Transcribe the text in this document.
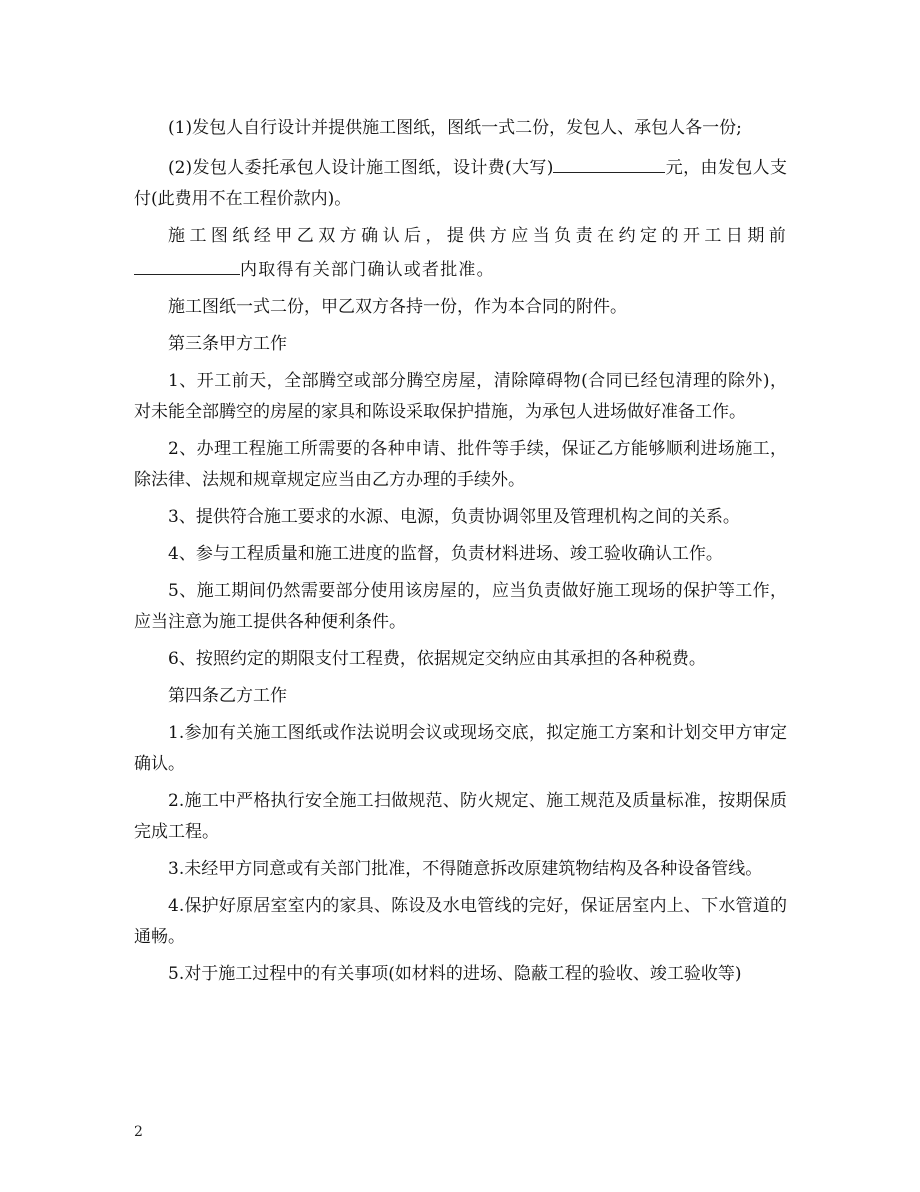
(1)发包人自行设计并提供施工图纸，图纸一式二份，发包人、承包人各一份;

(2)发包人委托承包人设计施工图纸，设计费(大写)	元，由发包人支付(此费用不在工程价款内)。

施工图纸经甲乙双方确认后，提供方应当负责在约定的开工日期前内取得有关部门确认或者批准。

施工图纸一式二份，甲乙双方各持一份，作为本合同的附件。

第三条甲方工作

1、开工前天，全部腾空或部分腾空房屋，清除障碍物(合同已经包清理的除外)，对未能全部腾空的房屋的家具和陈设采取保护措施，为承包人进场做好准备工作。

2、办理工程施工所需要的各种申请、批件等手续，保证乙方能够顺利进场施工，除法律、法规和规章规定应当由乙方办理的手续外。

3、提供符合施工要求的水源、电源，负责协调邻里及管理机构之间的关系。

4、参与工程质量和施工进度的监督，负责材料进场、竣工验收确认工作。

5、施工期间仍然需要部分使用该房屋的，应当负责做好施工现场的保护等工作，应当注意为施工提供各种便利条件。

6、按照约定的期限支付工程费，依据规定交纳应由其承担的各种税费。

第四条乙方工作

1.参加有关施工图纸或作法说明会议或现场交底，拟定施工方案和计划交甲方审定确认。

2.施工中严格执行安全施工扫做规范、防火规定、施工规范及质量标准，按期保质完成工程。

3.未经甲方同意或有关部门批准，不得随意拆改原建筑物结构及各种设备管线。

4.保护好原居室室内的家具、陈设及水电管线的完好，保证居室内上、下水管道的通畅。

5.对于施工过程中的有关事项(如材料的进场、隐蔽工程的验收、竣工验收等)

2
